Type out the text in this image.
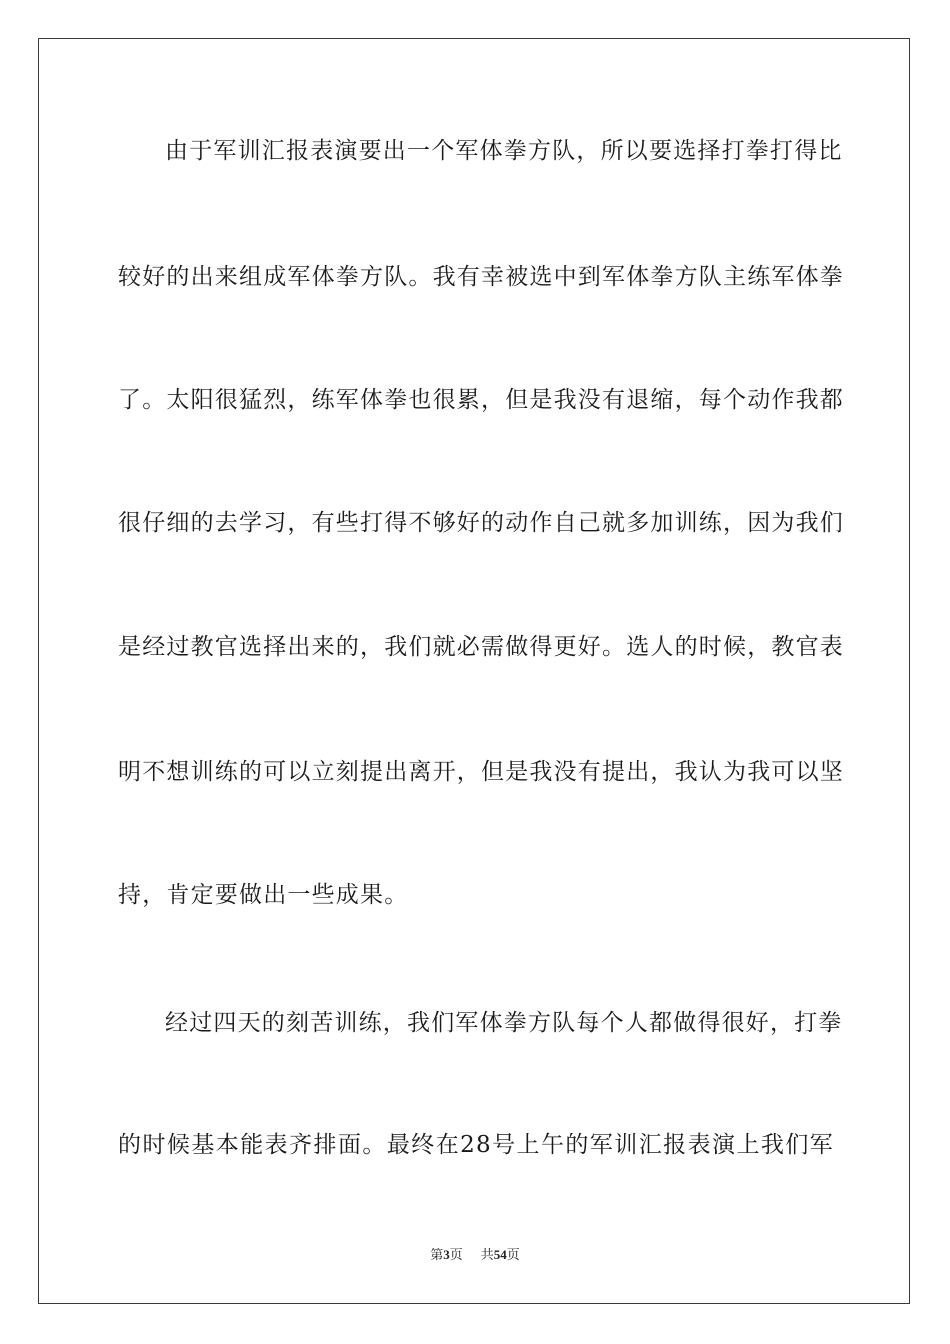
由于军训汇报表演要出一个军体拳方队，所以要选择打拳打得比
较好的出来组成军体拳方队。我有幸被选中到军体拳方队主练军体拳
了。太阳很猛烈，练军体拳也很累，但是我没有退缩，每个动作我都
很仔细的去学习，有些打得不够好的动作自己就多加训练，因为我们
是经过教官选择出来的，我们就必需做得更好。选人的时候，教官表
明不想训练的可以立刻提出离开，但是我没有提出，我认为我可以坚
持，肯定要做出一些成果。
经过四天的刻苦训练，我们军体拳方队每个人都做得很好，打拳
的时候基本能表齐排面。最终在28号上午的军训汇报表演上我们军
第3页 共54页
